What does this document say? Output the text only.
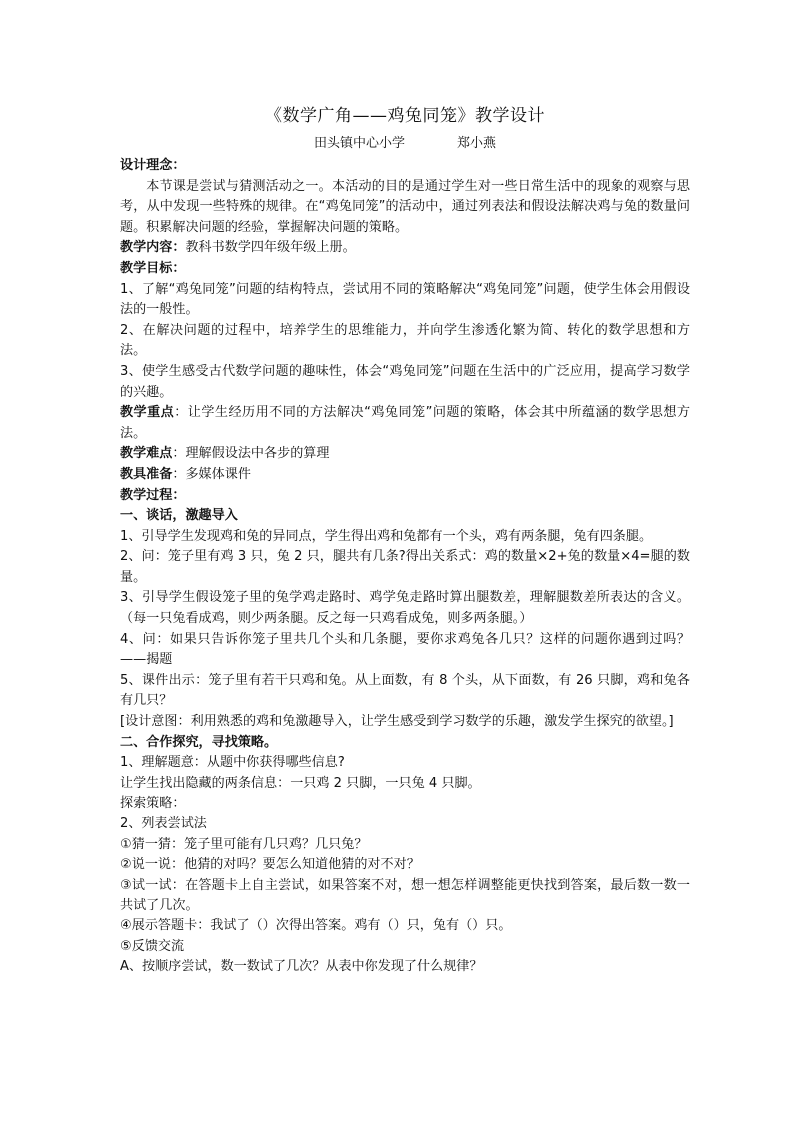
《数学广角——鸡兔同笼》教学设计
田头镇中心小学	郑小燕

设计理念：

本节课是尝试与猜测活动之一。本活动的目的是通过学生对一些日常生活中的现象的观察与思考，从中发现一些特殊的规律。在“鸡兔同笼”的活动中，通过列表法和假设法解决鸡与兔的数量问题。积累解决问题的经验，掌握解决问题的策略。

教学内容：教科书数学四年级年级上册。

教学目标：

1、了解“鸡兔同笼”问题的结构特点，尝试用不同的策略解决“鸡兔同笼”问题，使学生体会用假设法的一般性。

2、在解决问题的过程中，培养学生的思维能力，并向学生渗透化繁为简、转化的数学思想和方法。

3、使学生感受古代数学问题的趣味性，体会“鸡兔同笼”问题在生活中的广泛应用，提高学习数学的兴趣。

教学重点：让学生经历用不同的方法解决“鸡兔同笼”问题的策略，体会其中所蕴涵的数学思想方法。

教学难点：理解假设法中各步的算理

教具准备：多媒体课件

教学过程：

一、谈话，激趣导入

1、引导学生发现鸡和兔的异同点，学生得出鸡和兔都有一个头，鸡有两条腿，兔有四条腿。

2、问：笼子里有鸡 3 只，兔 2 只，腿共有几条?得出关系式：鸡的数量×2+兔的数量×4=腿的数量。

3、引导学生假设笼子里的兔学鸡走路时、鸡学兔走路时算出腿数差，理解腿数差所表达的含义。（每一只兔看成鸡，则少两条腿。反之每一只鸡看成兔，则多两条腿。）

4、问：如果只告诉你笼子里共几个头和几条腿，要你求鸡兔各几只？这样的问题你遇到过吗？——揭题

5、课件出示：笼子里有若干只鸡和兔。从上面数，有 8 个头，从下面数，有 26 只脚，鸡和兔各有几只？

[设计意图：利用熟悉的鸡和兔激趣导入，让学生感受到学习数学的乐趣，激发学生探究的欲望。]

二、合作探究，寻找策略。

1、理解题意：从题中你获得哪些信息?

让学生找出隐藏的两条信息：一只鸡 2 只脚，一只兔 4 只脚。

探索策略：

2、列表尝试法

①猜一猜：笼子里可能有几只鸡？几只兔？

②说一说：他猜的对吗？要怎么知道他猜的对不对？

③试一试：在答题卡上自主尝试，如果答案不对，想一想怎样调整能更快找到答案，最后数一数一共试了几次。

④展示答题卡：我试了（）次得出答案。鸡有（）只，兔有（）只。

⑤反馈交流

A、按顺序尝试，数一数试了几次？从表中你发现了什么规律？
